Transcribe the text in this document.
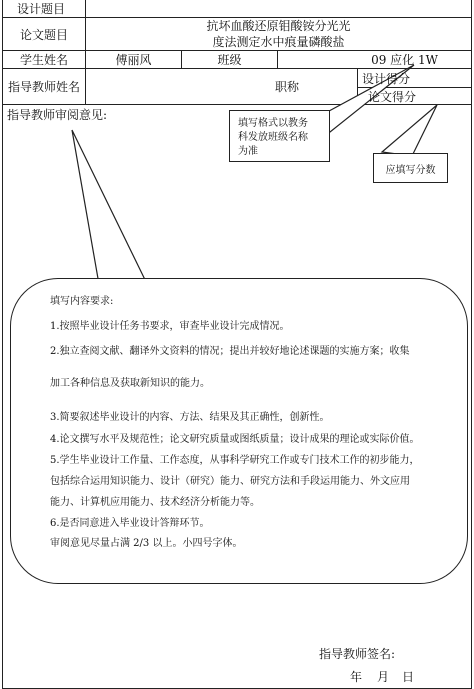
设计题目
论文题目
抗坏血酸还原钼酸铵分光光
度法测定水中痕量磷酸盐
学生姓名	傅丽风	班级	09 应化 1W
指导教师姓名	职称
设计得分
论文得分
指导教师审阅意见:
填写格式以教务
科发放班级名称
为准
应填写分数

填写内容要求:

1.按照毕业设计任务书要求，审查毕业设计完成情况。

2.独立查阅文献、翻译外文资料的情况；提出并较好地论述课题的实施方案；收集

加工各种信息及获取新知识的能力。

3.简要叙述毕业设计的内容、方法、结果及其正确性，创新性。

4.论文撰写水平及规范性；论文研究质量或图纸质量；设计成果的理论或实际价值。

5.学生毕业设计工作量、工作态度，从事科学研究工作或专门技术工作的初步能力，

包括综合运用知识能力、设计（研究）能力、研究方法和手段运用能力、外文应用

能力、计算机应用能力、技术经济分析能力等。

6.是否同意进入毕业设计答辩环节。

审阅意见尽量占满 2/3 以上。小四号字体。

指导教师签名:
年 月 日
